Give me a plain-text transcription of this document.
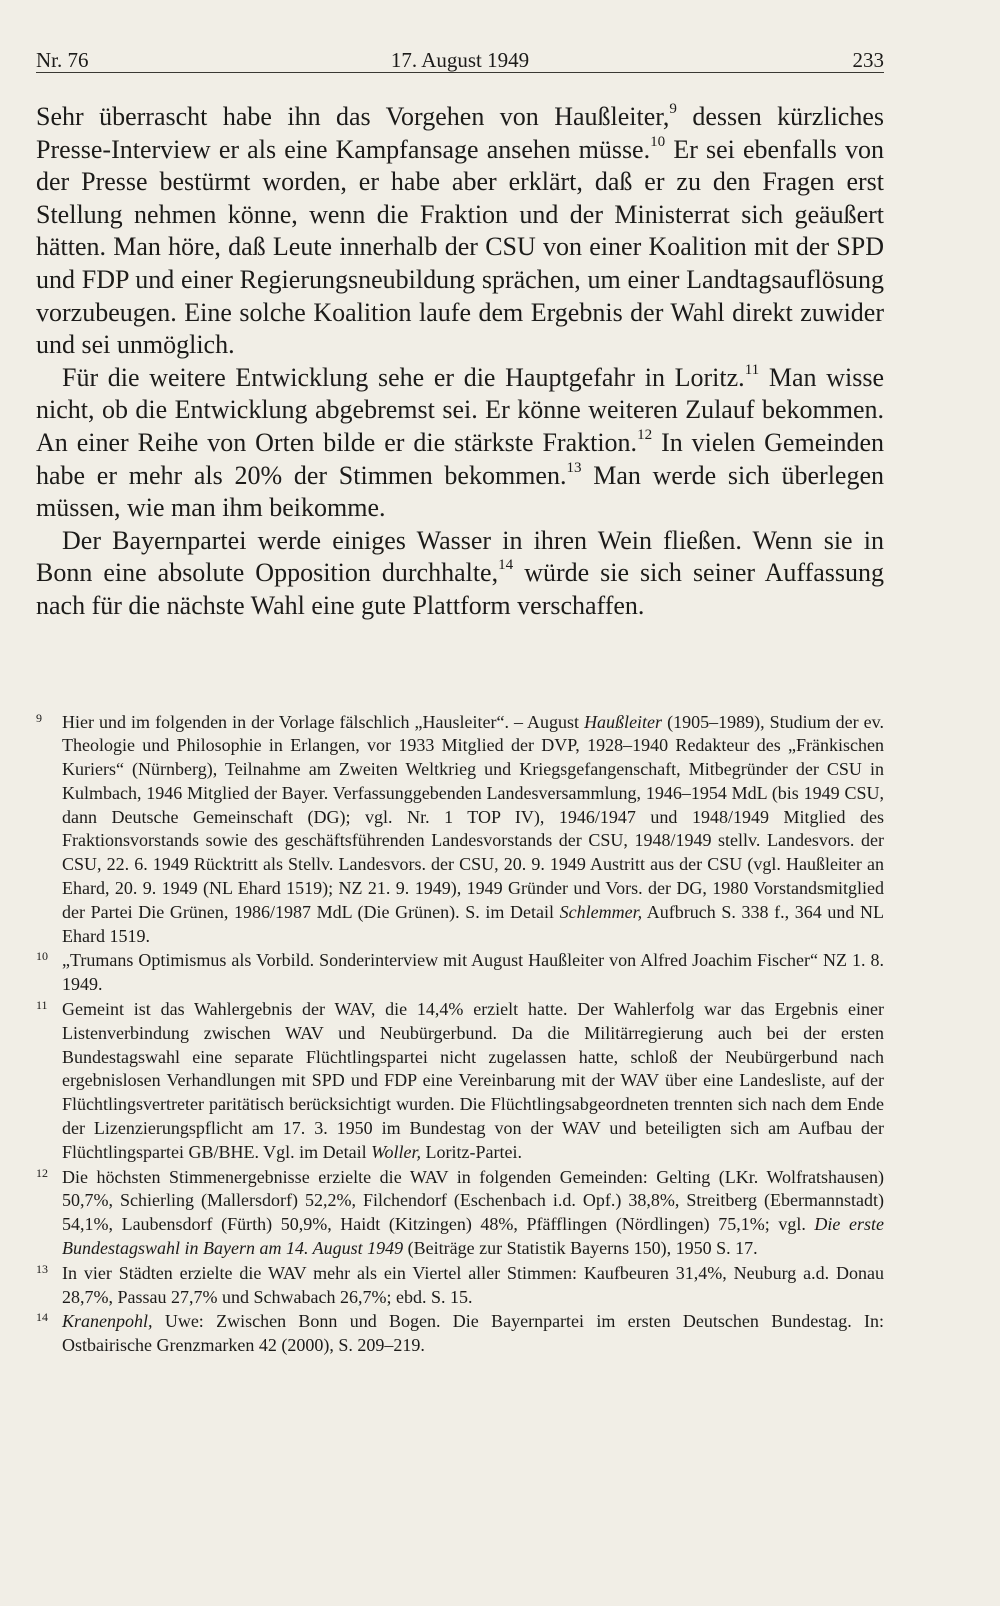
Nr. 76	17. August 1949	233

Sehr überrascht habe ihn das Vorgehen von Haußleiter,$^9$ dessen kürzliches Presse-Interview er als eine Kampfansage ansehen müsse.$^{10}$ Er sei ebenfalls von der Presse bestürmt worden, er habe aber erklärt, daß er zu den Fragen erst Stellung nehmen könne, wenn die Fraktion und der Ministerrat sich geäußert hätten. Man höre, daß Leute innerhalb der CSU von einer Koalition mit der SPD und FDP und einer Regierungsneubildung sprächen, um einer Landtagsauflösung vorzubeugen. Eine solche Koalition laufe dem Ergebnis der Wahl direkt zuwider und sei unmöglich.

Für die weitere Entwicklung sehe er die Hauptgefahr in Loritz.$^{11}$ Man wisse nicht, ob die Entwicklung abgebremst sei. Er könne weiteren Zulauf bekommen. An einer Reihe von Orten bilde er die stärkste Fraktion.$^{12}$ In vielen Gemeinden habe er mehr als 20% der Stimmen bekommen.$^{13}$ Man werde sich überlegen müssen, wie man ihm beikomme.

Der Bayernpartei werde einiges Wasser in ihren Wein fließen. Wenn sie in Bonn eine absolute Opposition durchhalte,$^{14}$ würde sie sich seiner Auffassung nach für die nächste Wahl eine gute Plattform verschaffen.

9 Hier und im folgenden in der Vorlage fälschlich „Hausleiter“. – August Haußleiter (1905–1989), Studium der ev. Theologie und Philosophie in Erlangen, vor 1933 Mitglied der DVP, 1928–1940 Redakteur des „Fränkischen Kuriers“ (Nürnberg), Teilnahme am Zweiten Weltkrieg und Kriegsgefangenschaft, Mitbegründer der CSU in Kulmbach, 1946 Mitglied der Bayer. Verfassunggebenden Landesversammlung, 1946–1954 MdL (bis 1949 CSU, dann Deutsche Gemeinschaft (DG); vgl. Nr. 1 TOP IV), 1946/1947 und 1948/1949 Mitglied des Fraktionsvorstands sowie des geschäftsführenden Landesvorstands der CSU, 1948/1949 stellv. Landesvors. der CSU, 22. 6. 1949 Rücktritt als Stellv. Landesvors. der CSU, 20. 9. 1949 Austritt aus der CSU (vgl. Haußleiter an Ehard, 20. 9. 1949 (NL Ehard 1519); NZ 21. 9. 1949), 1949 Gründer und Vors. der DG, 1980 Vorstandsmitglied der Partei Die Grünen, 1986/1987 MdL (Die Grünen). S. im Detail Schlemmer, Aufbruch S. 338 f., 364 und NL Ehard 1519.
10 „Trumans Optimismus als Vorbild. Sonderinterview mit August Haußleiter von Alfred Joachim Fischer“ NZ 1. 8. 1949.
11 Gemeint ist das Wahlergebnis der WAV, die 14,4% erzielt hatte. Der Wahlerfolg war das Ergebnis einer Listenverbindung zwischen WAV und Neubürgerbund. Da die Militärregierung auch bei der ersten Bundestagswahl eine separate Flüchtlingspartei nicht zugelassen hatte, schloß der Neubürgerbund nach ergebnislosen Verhandlungen mit SPD und FDP eine Vereinbarung mit der WAV über eine Landesliste, auf der Flüchtlingsvertreter paritätisch berücksichtigt wurden. Die Flüchtlingsabgeordneten trennten sich nach dem Ende der Lizenzierungspflicht am 17. 3. 1950 im Bundestag von der WAV und beteiligten sich am Aufbau der Flüchtlingspartei GB/BHE. Vgl. im Detail Woller, Loritz-Partei.
12 Die höchsten Stimmenergebnisse erzielte die WAV in folgenden Gemeinden: Gelting (LKr. Wolfratshausen) 50,7%, Schierling (Mallersdorf) 52,2%, Filchendorf (Eschenbach i.d. Opf.) 38,8%, Streitberg (Ebermannstadt) 54,1%, Laubensdorf (Fürth) 50,9%, Haidt (Kitzingen) 48%, Pfäfflingen (Nördlingen) 75,1%; vgl. Die erste Bundestagswahl in Bayern am 14. August 1949 (Beiträge zur Statistik Bayerns 150), 1950 S. 17.
13 In vier Städten erzielte die WAV mehr als ein Viertel aller Stimmen: Kaufbeuren 31,4%, Neuburg a.d. Donau 28,7%, Passau 27,7% und Schwabach 26,7%; ebd. S. 15.
14 Kranenpohl, Uwe: Zwischen Bonn und Bogen. Die Bayernpartei im ersten Deutschen Bundestag. In: Ostbairische Grenzmarken 42 (2000), S. 209–219.
